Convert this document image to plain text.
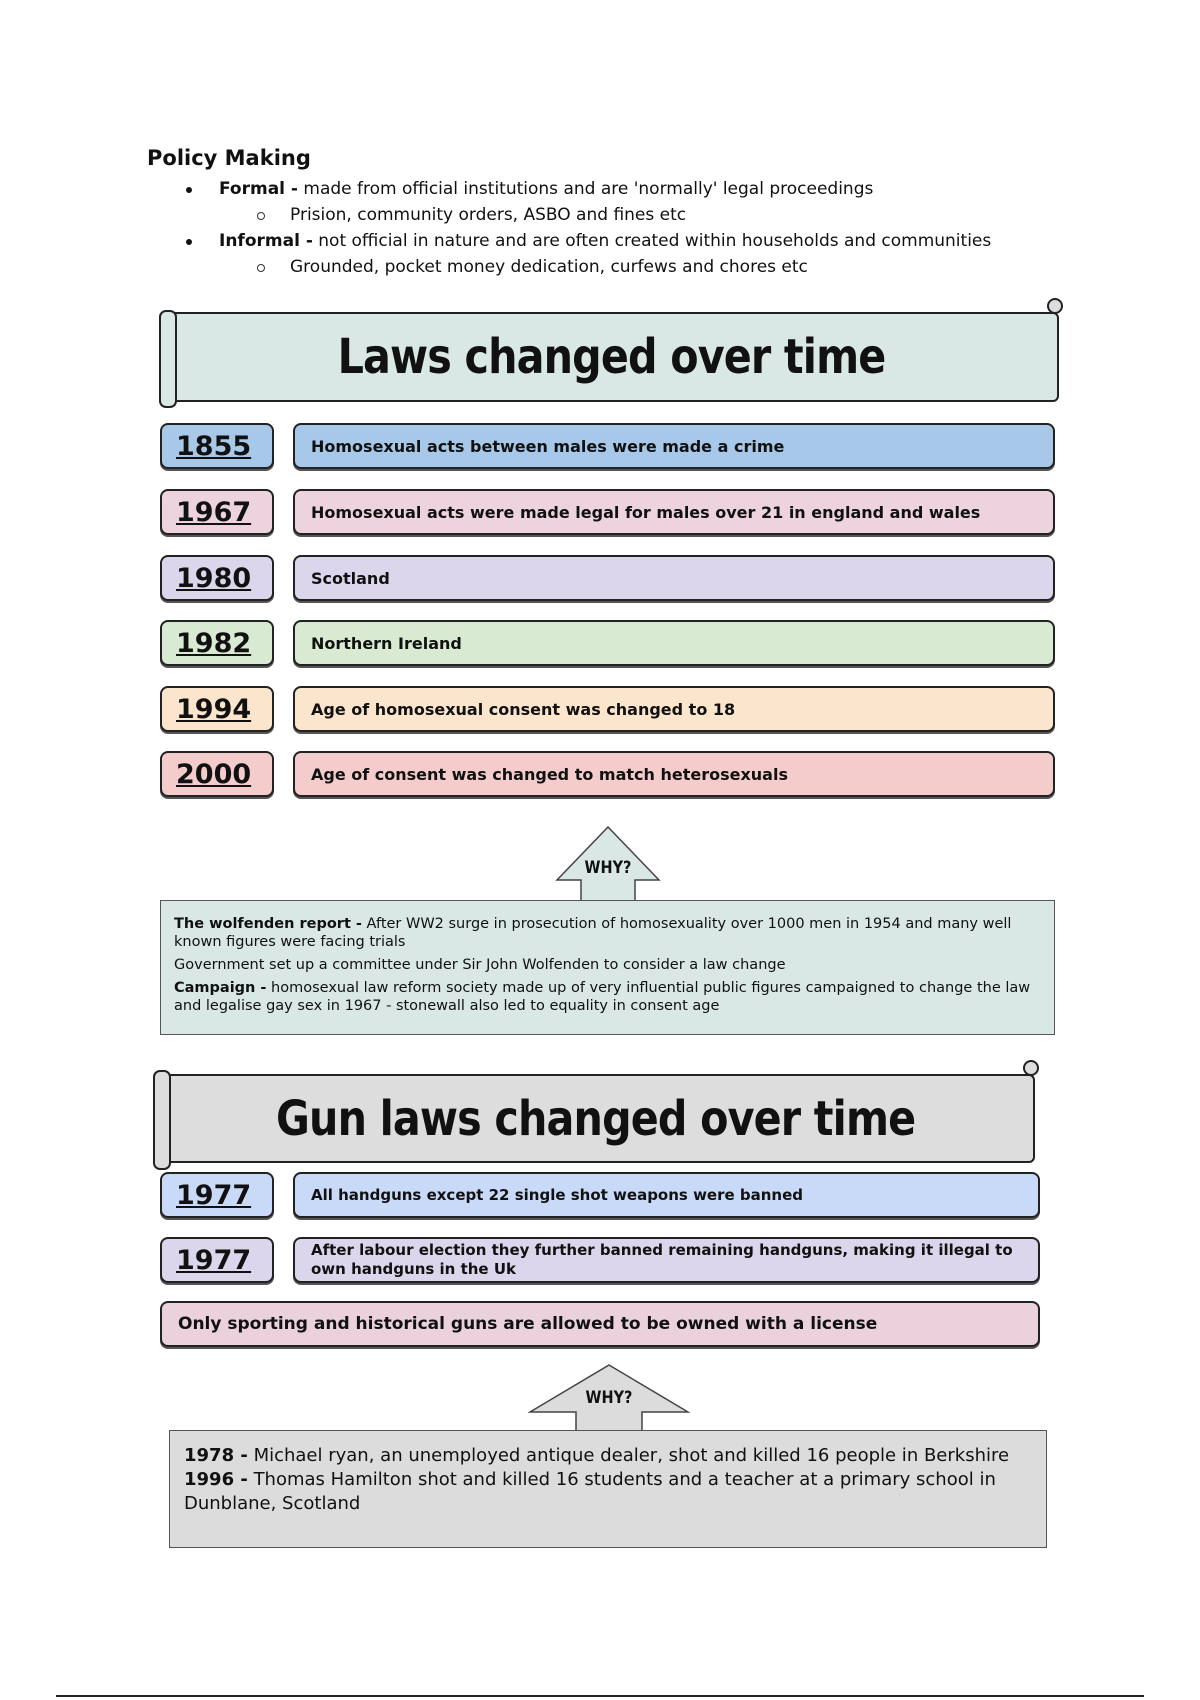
Policy Making
Formal - made from official institutions and are 'normally' legal proceedings
Prision, community orders, ASBO and fines etc
Informal - not official in nature and are often created within households and communities
Grounded, pocket money dedication, curfews and chores etc
Laws changed over time
1855	Homosexual acts between males were made a crime
1967	Homosexual acts were made legal for males over 21 in england and wales
1980	Scotland
1982	Northern Ireland
1994	Age of homosexual consent was changed to 18
2000	Age of consent was changed to match heterosexuals
WHY?

The wolfenden report - After WW2 surge in prosecution of homosexuality over 1000 men in 1954 and many well known figures were facing trials

Government set up a committee under Sir John Wolfenden to consider a law change

Campaign - homosexual law reform society made up of very influential public figures campaigned to change the law and legalise gay sex in 1967 - stonewall also led to equality in consent age

Gun laws changed over time
1977	All handguns except 22 single shot weapons were banned
1977	After labour election they further banned remaining handguns, making it illegal to own handguns in the Uk
Only sporting and historical guns are allowed to be owned with a license
WHY?

1978 - Michael ryan, an unemployed antique dealer, shot and killed 16 people in Berkshire

1996 - Thomas Hamilton shot and killed 16 students and a teacher at a primary school in Dunblane, Scotland
